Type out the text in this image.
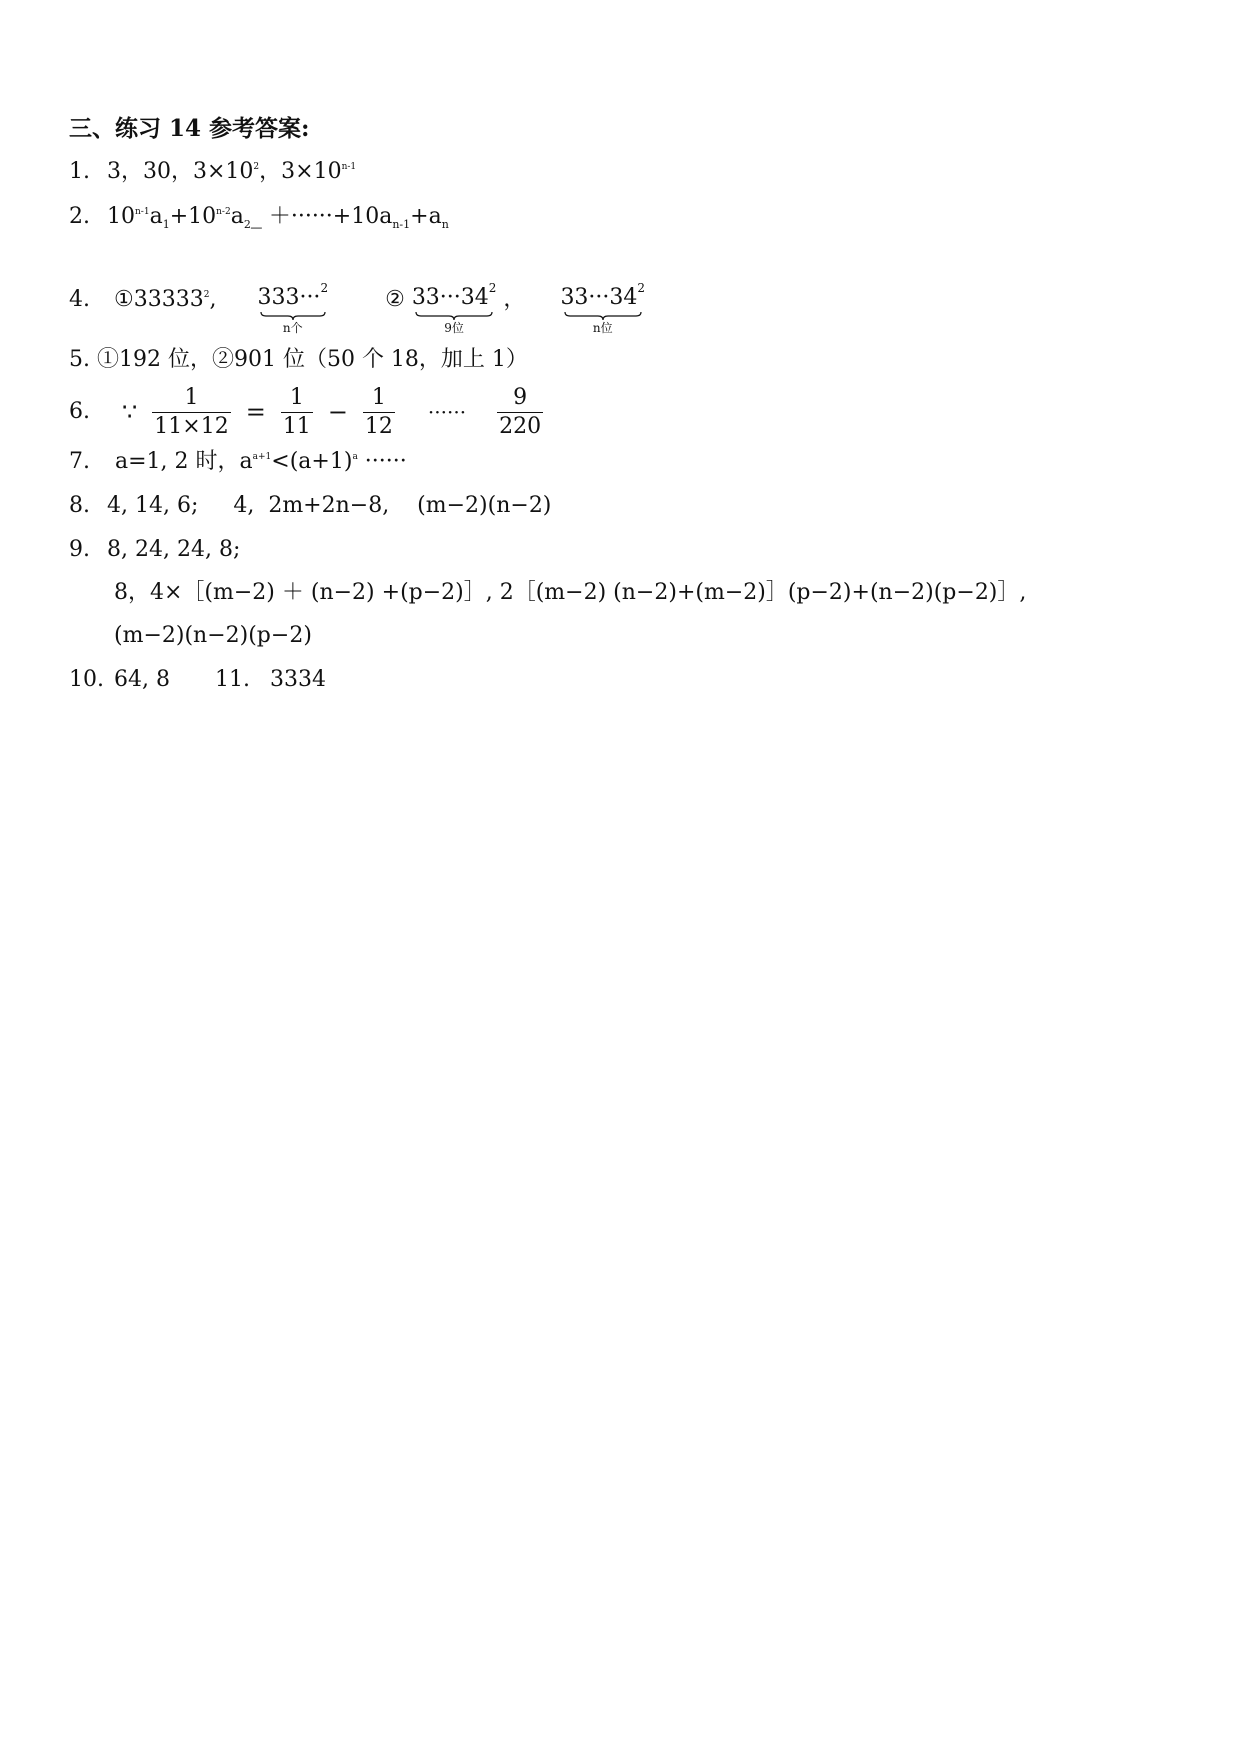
三、练习 14 参考答案:
1. 3，30，$3\times 10^2$，$3\times 10^{n-1}$
2. $10^{n-1}a_1+10^{n-2}a_2\_ +\cdot\cdot\cdot\cdot\cdot\cdot+10a_{n-1}+a_n$
4. ①33333$^2$, 333···$^2$
n个
② $33\cdot\cdot\cdot 34^2$
9位
， $33\cdot\cdot\cdot 34^2$
n位
5. ①192 位，②901 位（50 个 18，加上 1）
6. ∵ $\frac{1}{11\times 12} = \frac{1}{11} - \frac{1}{12}$ ······ $\frac{9}{220}$
7. a=1, 2 时，$a^{a+1}<(a+1)^a$ ······
8. 4, 14, 6;     4,  2m+2n−8,    (m−2)(n−2)
9. 8, 24, 24, 8;
8，4×［(m−2) ＋ (n−2) +(p−2)］, 2［(m−2) (n−2)+(m−2)］(p−2)+(n−2)(p−2)］,
(m−2)(n−2)(p−2)
10. 64, 8 11. 3334
